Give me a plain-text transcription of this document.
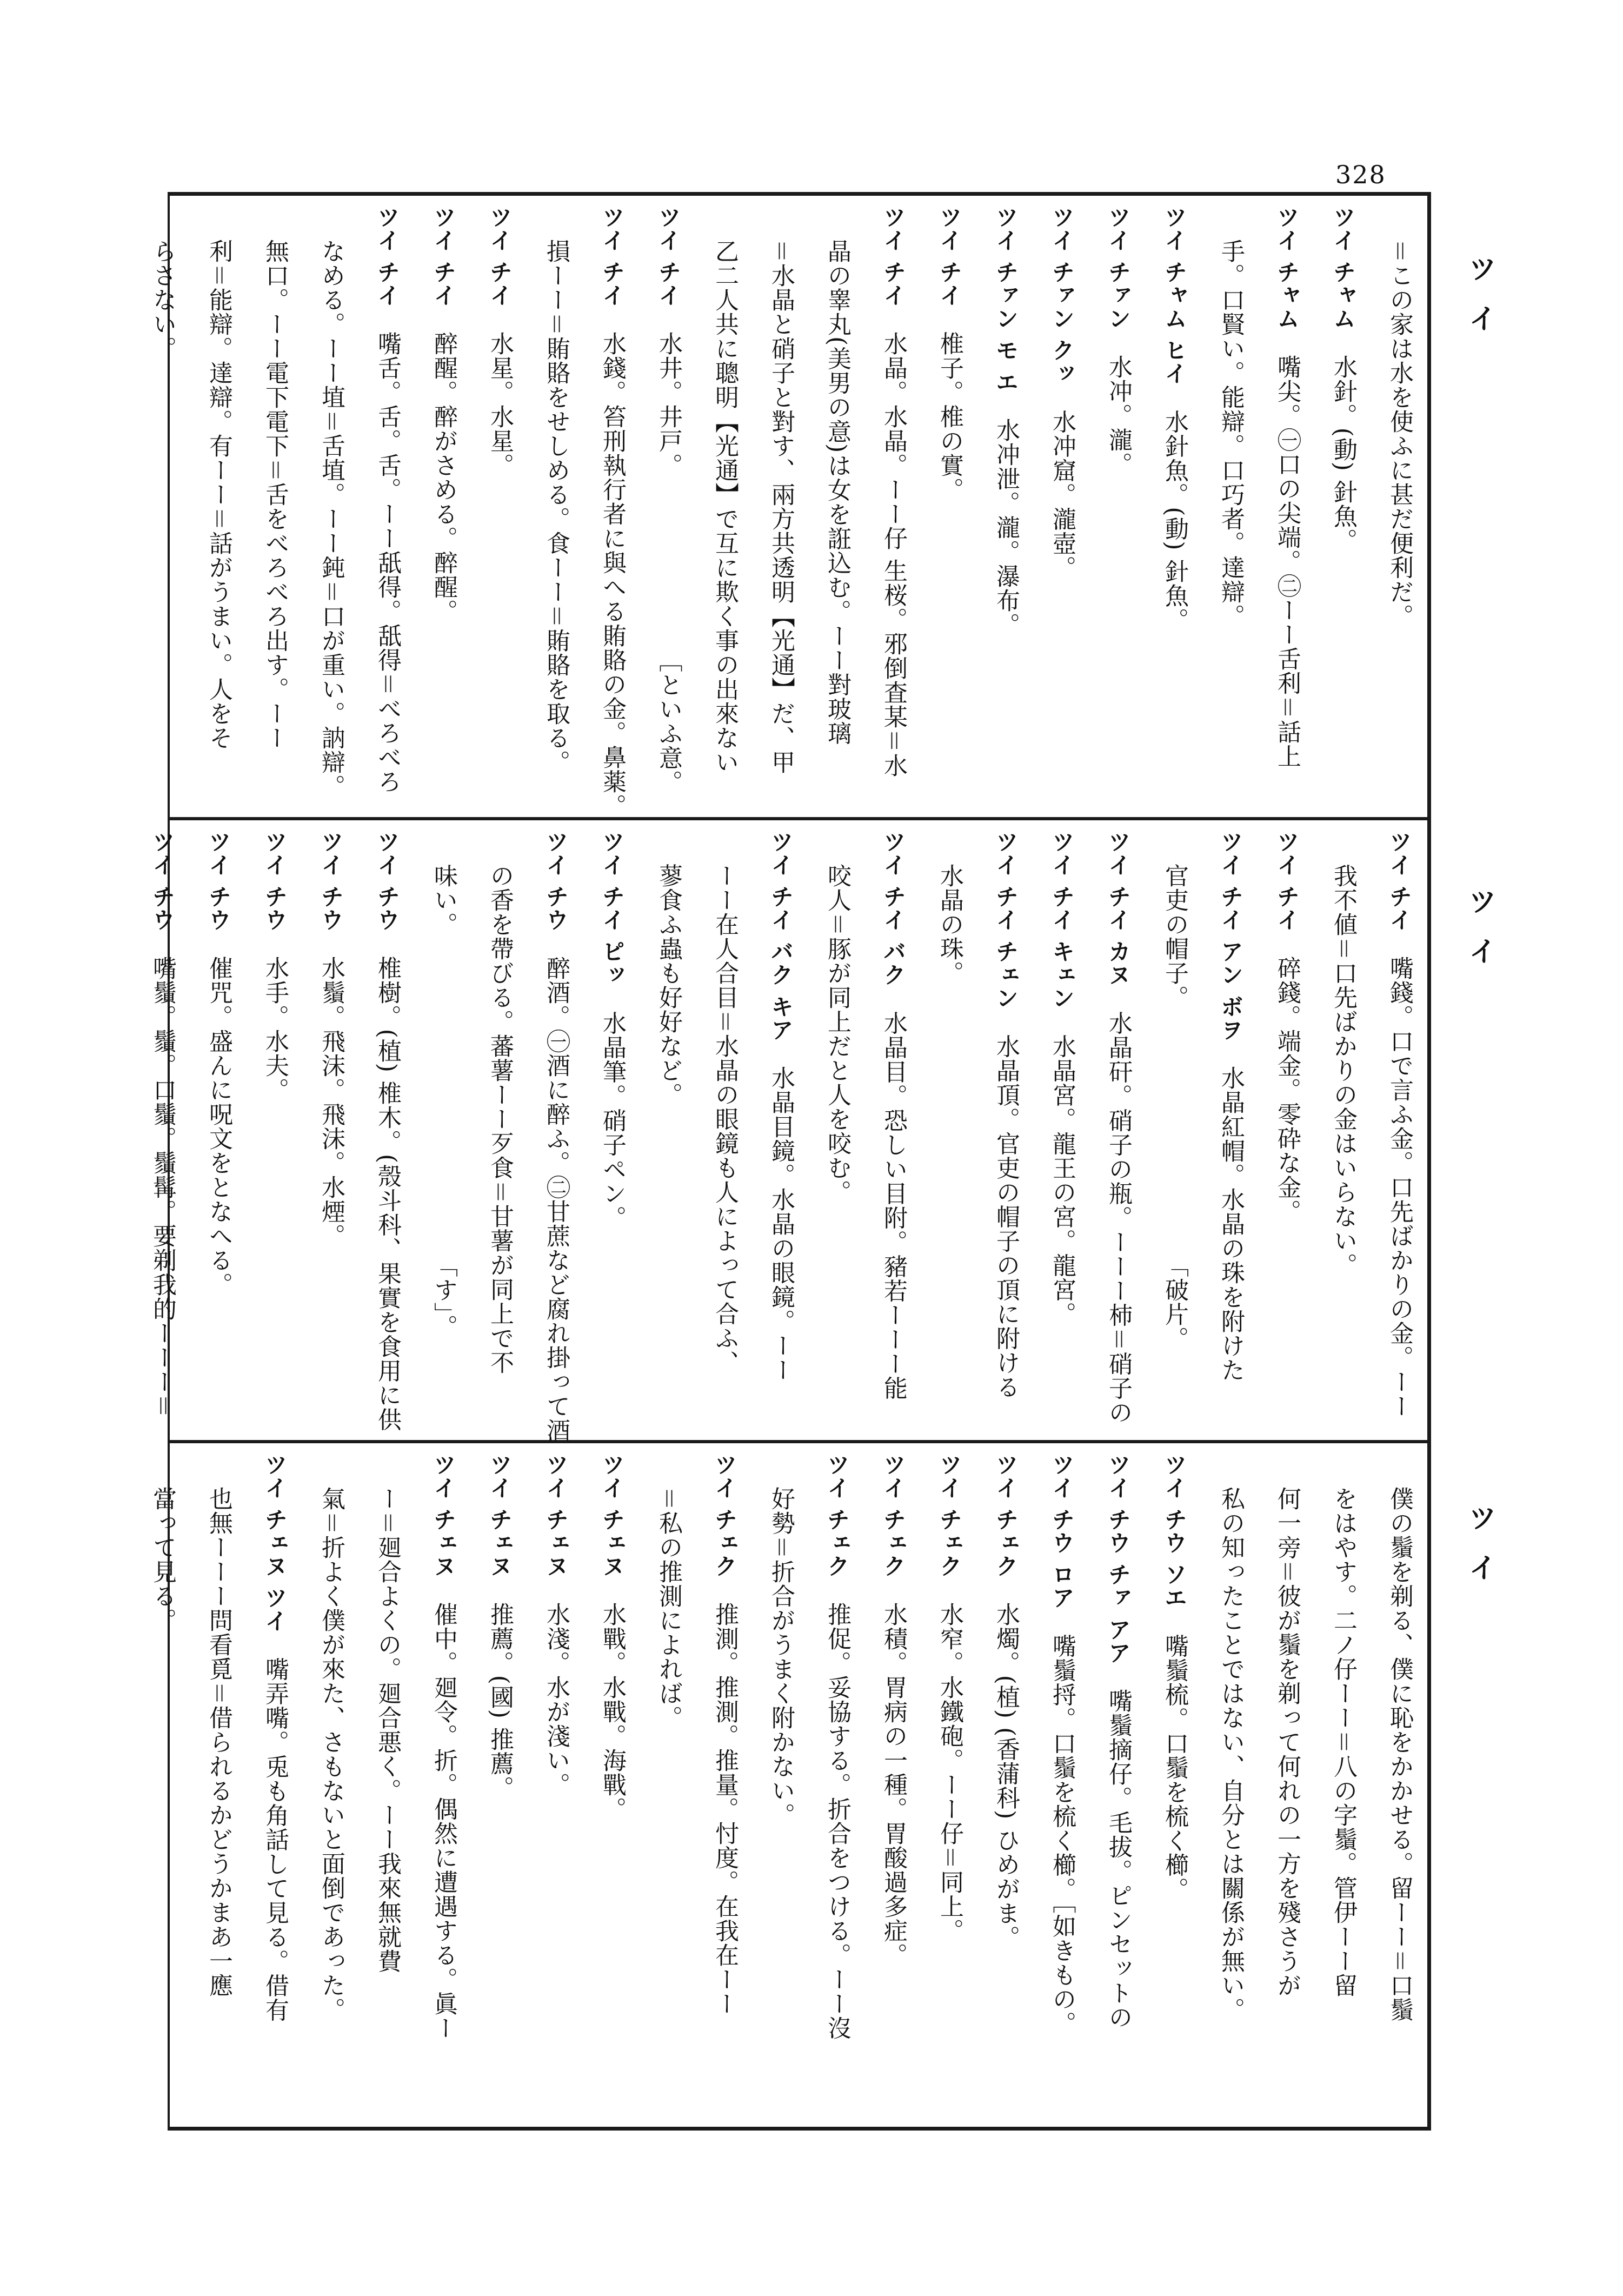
328
ツイ
ツイ
ツイ
＝この家は水を使ふに甚だ便利だ。
ツイ チャム　水針。(動) 針魚。
ツイ チャム　嘴尖。㊀口の尖端。㊁ーー舌利＝話上
手。口賢い。能辯。口巧者。達辯。
ツイ チャム ヒイ　水針魚。(動) 針魚。
ツイ チァン　水冲。瀧。
ツイ チァン クッ　水冲窟。瀧壺。
ツイ チァン モ エ　水冲泄。瀧。瀑布。
ツイ チイ　椎子。椎の實。
ツイ チイ　水晶。水晶。ーー仔 生桜。邪倒査某＝水
晶の睾丸(美男の意)は女を誑込む。ーー對玻璃
＝水晶と硝子と對す、兩方共透明【光通】だ、甲
乙二人共に聰明【光通】で互に欺く事の出來ない
ツイ チイ　水井。井戸。　　　　　　　　［といふ意。
ツイ チイ　水錢。笞刑執行者に與へる賄賂の金。鼻薬。
損ーー＝賄賂をせしめる。食ーー＝賄賂を取る。
ツイ チイ　水星。水星。
ツイ チイ　醉醒。醉がさめる。醉醒。
ツイ チイ　嘴舌。舌。舌。ーー舐得。舐得＝べろべろ
なめる。ーー埴＝舌埴。ーー鈍＝口が重い。訥辯。
無口。ーー電下電下＝舌をべろべろ出す。ーー
利＝能辯。達辯。有ーー＝話がうまい。人をそ
らさない。
ツイ チイ　嘴錢。口で言ふ金。口先ばかりの金。ーー
我不値＝口先ばかりの金はいらない。
ツイ チイ　碎錢。端金。零砕な金。
ツイ チイ アン ボヲ　水晶紅帽。水晶の珠を附けた
官吏の帽子。　　　　　　　　　　　「破片。
ツイ チイ カヌ　水晶矸。硝子の瓶。ーーー杮＝硝子の
ツイ チイ キェン　水晶宮。龍王の宮。龍宮。
ツイ チイ チェン　水晶頂。官吏の帽子の頂に附ける
水晶の珠。
ツイ チイ バク　水晶目。恐しい目附。豬若ーーー能
咬人＝豚が同上だと人を咬む。
ツイ チイ バク キア　水晶目鏡。水晶の眼鏡。ーー
ーー在人合目＝水晶の眼鏡も人によって合ふ、
蓼食ふ蟲も好好など。
ツイ チイ ピッ　水晶筆。硝子ペン。
ツイ チウ　醉酒。㊀酒に醉ふ。㊁甘蔗など腐れ掛って酒
の香を帶びる。蕃薯ーー歹食＝甘薯が同上で不
味い。　　　　　　　　　　　　　　「す」。
ツイ チウ　椎樹。(植) 椎木。(殼斗科、果實を食用に供
ツイ チウ　水鬚。飛沫。飛沫。水煙。
ツイ チウ　水手。水夫。
ツイ チウ　催咒。盛んに呪文をとなへる。
ツイ チウ　嘴鬚。鬚。口鬚。鬚髯。要剃我的ーーー＝
僕の鬚を剃る、僕に恥をかかせる。留ーー＝口鬚
をはやす。二ノ仔ーー＝八の字鬚。管伊ーー留
何一旁＝彼が鬚を剃って何れの一方を殘さうが
私の知ったことではない、自分とは關係が無い。
ツイ チウ ソエ　嘴鬚梳。口鬚を梳く櫛。
ツイ チウ チァ アア　嘴鬚摘仔。毛拔。ピンセットの
ツイ チウ ロア　嘴鬚捋。口鬚を梳く櫛。［如きもの。
ツイ チェク　水燭。(植) (香蒲科) ひめがま。
ツイ チェク　水窄。水鐵砲。ーー仔＝同上。
ツイ チェク　水積。胃病の一種。胃酸過多症。
ツイ チェク　推促。妥協する。折合をつける。ーー沒
好勢＝折合がうまく附かない。
ツイ チェク　推測。推測。推量。忖度。在我在ーー
＝私の推測によれば。
ツイ チェヌ　水戰。水戰。海戰。
ツイ チェヌ　水淺。水が淺い。
ツイ チェヌ　推薦。(國) 推薦。
ツイ チェヌ　催中。廻令。折。偶然に遭遇する。眞ー
ー＝廻合よくの。廻合悪く。ーー我來無就費
氣＝折よく僕が來た、さもないと面倒であった。
ツイ チェヌ ツイ　嘴弄嘴。兎も角話して見る。借有
也無ーーー問看覓＝借られるかどうかまあ一應
當って見る。
